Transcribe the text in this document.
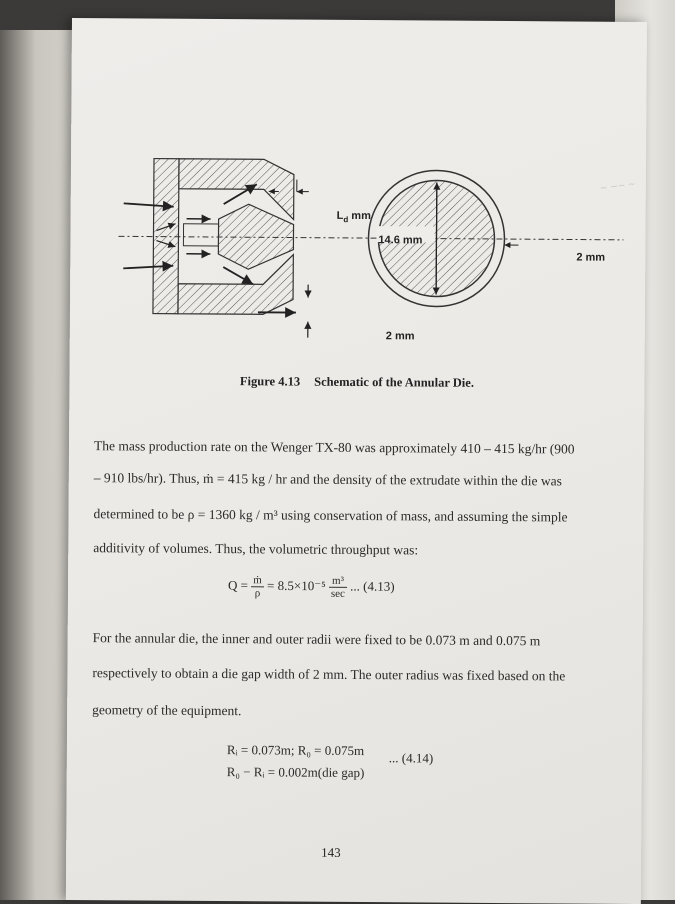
~ ~~ ~
$L_d$ mm
2 mm
14.6 mm
2 mm
Figure 4.13 Schematic of the Annular Die.
The mass production rate on the Wenger TX-80 was approximately 410 – 415 kg/hr (900
– 910 lbs/hr). Thus, ṁ = 415 kg / hr and the density of the extrudate within the die was
determined to be ρ = 1360 kg / m³ using conservation of mass, and assuming the simple
additivity of volumes. Thus, the volumetric throughput was:
$Q = \frac{\text{ṁ}}{\rho} = 8.5\times 10^{-5} \frac{\text{m³}}{\sec}$ ... (4.13)
For the annular die, the inner and outer radii were fixed to be 0.073 m and 0.075 m
respectively to obtain a die gap width of 2 mm. The outer radius was fixed based on the
geometry of the equipment.
Rᵢ = 0.073m; R₀ = 0.075m
R₀ − Rᵢ = 0.002m(die gap)
... (4.14)
143
